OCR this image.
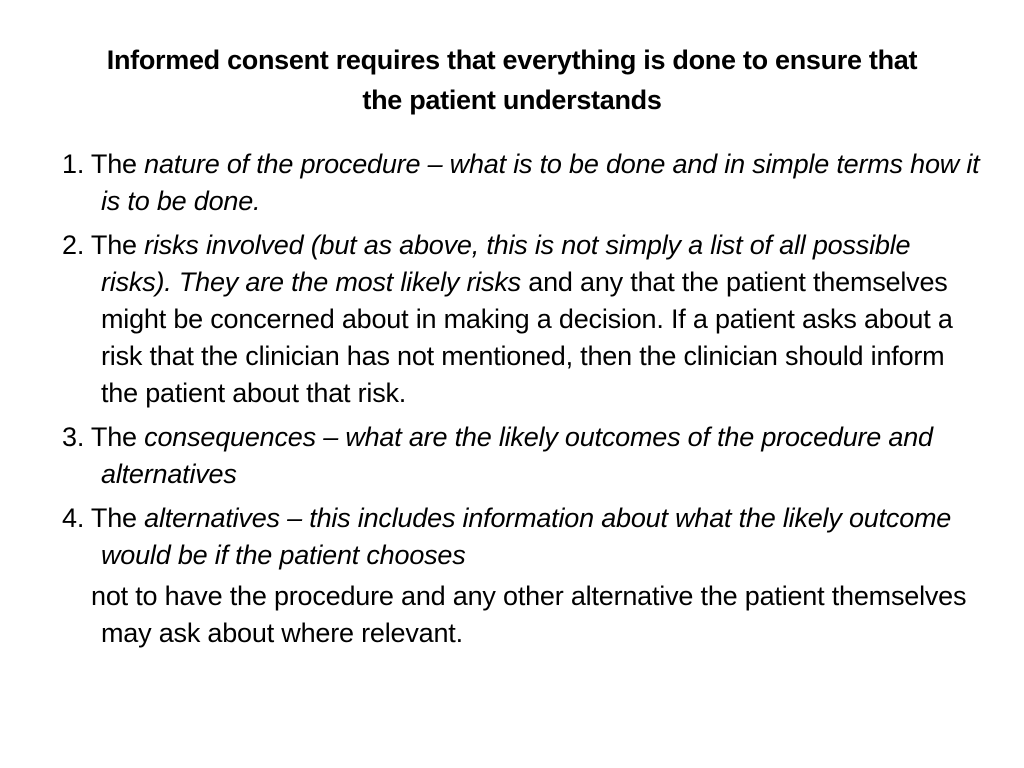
Informed consent requires that everything is done to ensure that
the patient understands
1. The nature of the procedure – what is to be done and in simple terms how it is to be done.
2. The risks involved (but as above, this is not simply a list of all possible risks). They are the most likely risks and any that the patient themselves might be concerned about in making a decision. If a patient asks about a risk that the clinician has not mentioned, then the clinician should inform the patient about that risk.
3. The consequences – what are the likely outcomes of the procedure and alternatives
4. The alternatives – this includes information about what the likely outcome would be if the patient chooses
not to have the procedure and any other alternative the patient themselves may ask about where relevant.
